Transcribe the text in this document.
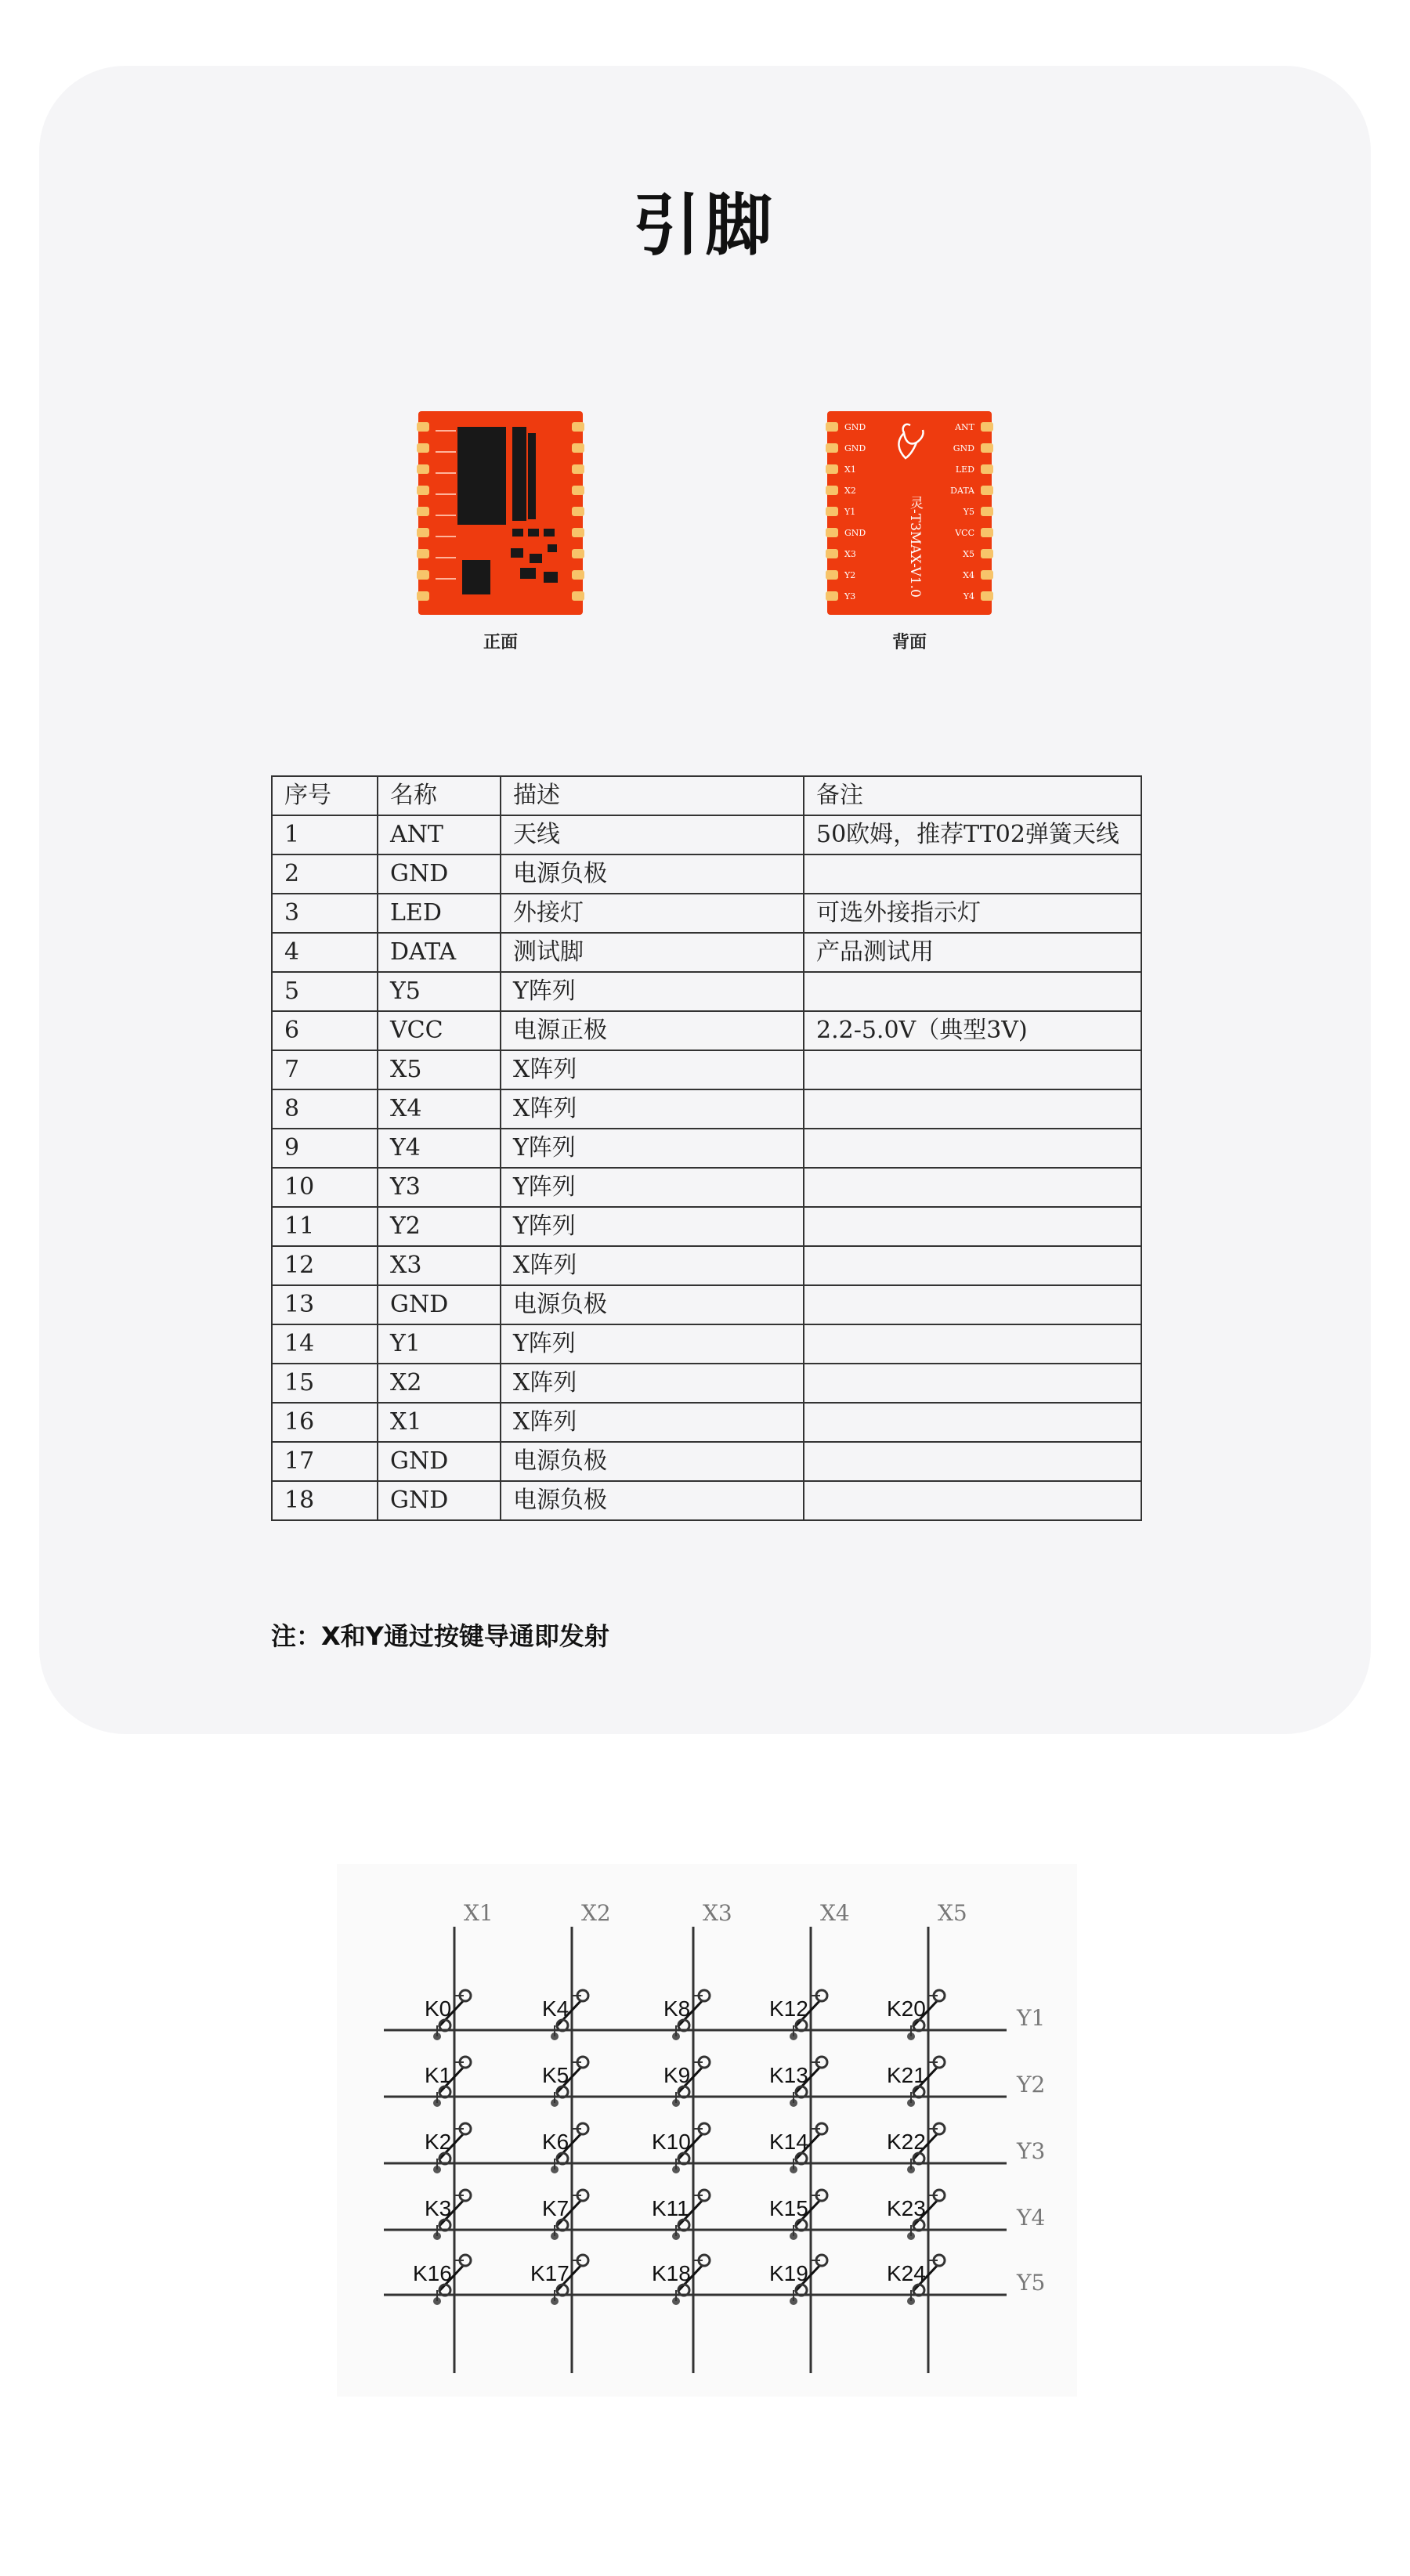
引脚
正面
灵-T3MAX-V1.0
GND
GND
X1
X2
Y1
GND
X3
Y2
Y3
ANT
GND
LED
DATA
Y5
VCC
X5
X4
Y4
背面
序号	名称	描述	备注
1	ANT	天线	50欧姆，推荐TT02弹簧天线
2	GND	电源负极	
3	LED	外接灯	可选外接指示灯
4	DATA	测试脚	产品测试用
5	Y5	Y阵列	
6	VCC	电源正极	2.2-5.0V（典型3V)
7	X5	X阵列	
8	X4	X阵列	
9	Y4	Y阵列	
10	Y3	Y阵列	
11	Y2	Y阵列	
12	X3	X阵列	
13	GND	电源负极	
14	Y1	Y阵列	
15	X2	X阵列	
16	X1	X阵列	
17	GND	电源负极	
18	GND	电源负极	
注：X和Y通过按键导通即发射
X1	X2	X3	X4	X5
Y1
Y2
Y3
Y4
Y5
K0	K4	K8	K12	K20
K1	K5	K9	K13	K21
K2	K6	K10	K14	K22
K3	K7	K11	K15	K23
K16	K17	K18	K19	K24
